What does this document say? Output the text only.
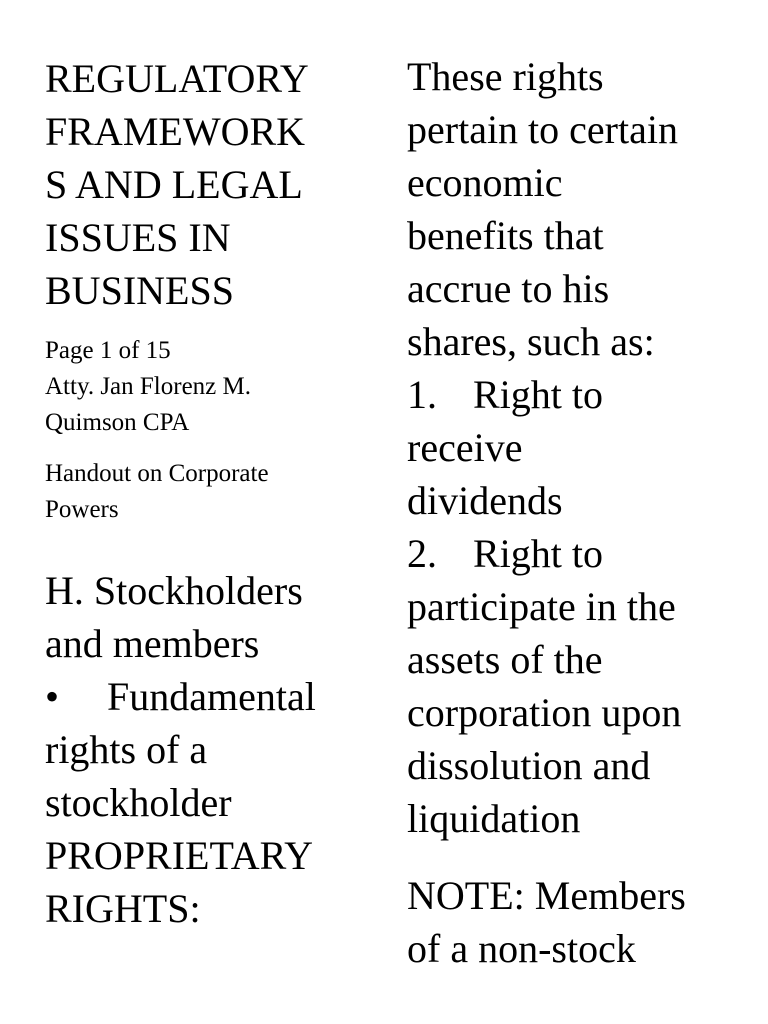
REGULATORY
FRAMEWORK
S AND LEGAL
ISSUES IN
BUSINESS
Page 1 of 15
Atty. Jan Florenz M.
Quimson CPA
Handout on Corporate
Powers
H. Stockholders
and members
• Fundamental
rights of a
stockholder
PROPRIETARY
RIGHTS:
These rights
pertain to certain
economic
benefits that
accrue to his
shares, such as:
1. Right to
receive
dividends
2. Right to
participate in the
assets of the
corporation upon
dissolution and
liquidation
NOTE: Members
of a non-stock
